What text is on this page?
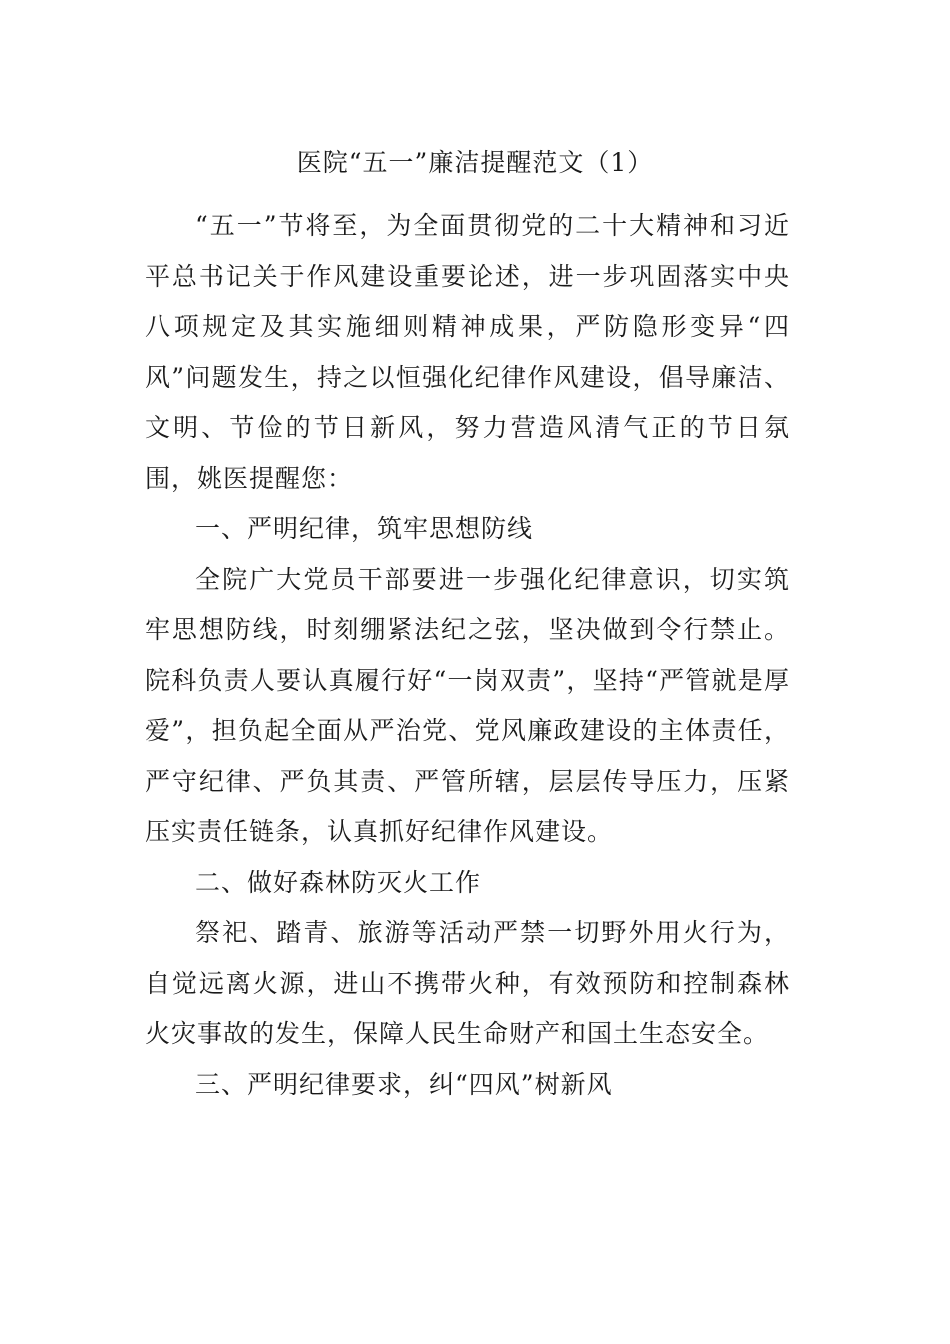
医院“五一”廉洁提醒范文（1）

“五一”节将至，为全面贯彻党的二十大精神和习近平总书记关于作风建设重要论述，进一步巩固落实中央八项规定及其实施细则精神成果，严防隐形变异“四风”问题发生，持之以恒强化纪律作风建设，倡导廉洁、文明、节俭的节日新风，努力营造风清气正的节日氛围，姚医提醒您：

一、严明纪律，筑牢思想防线

全院广大党员干部要进一步强化纪律意识，切实筑牢思想防线，时刻绷紧法纪之弦，坚决做到令行禁止。院科负责人要认真履行好“一岗双责”，坚持“严管就是厚爱”，担负起全面从严治党、党风廉政建设的主体责任，严守纪律、严负其责、严管所辖，层层传导压力，压紧压实责任链条，认真抓好纪律作风建设。

二、做好森林防灭火工作

祭祀、踏青、旅游等活动严禁一切野外用火行为，自觉远离火源，进山不携带火种，有效预防和控制森林火灾事故的发生，保障人民生命财产和国土生态安全。

三、严明纪律要求，纠“四风”树新风
